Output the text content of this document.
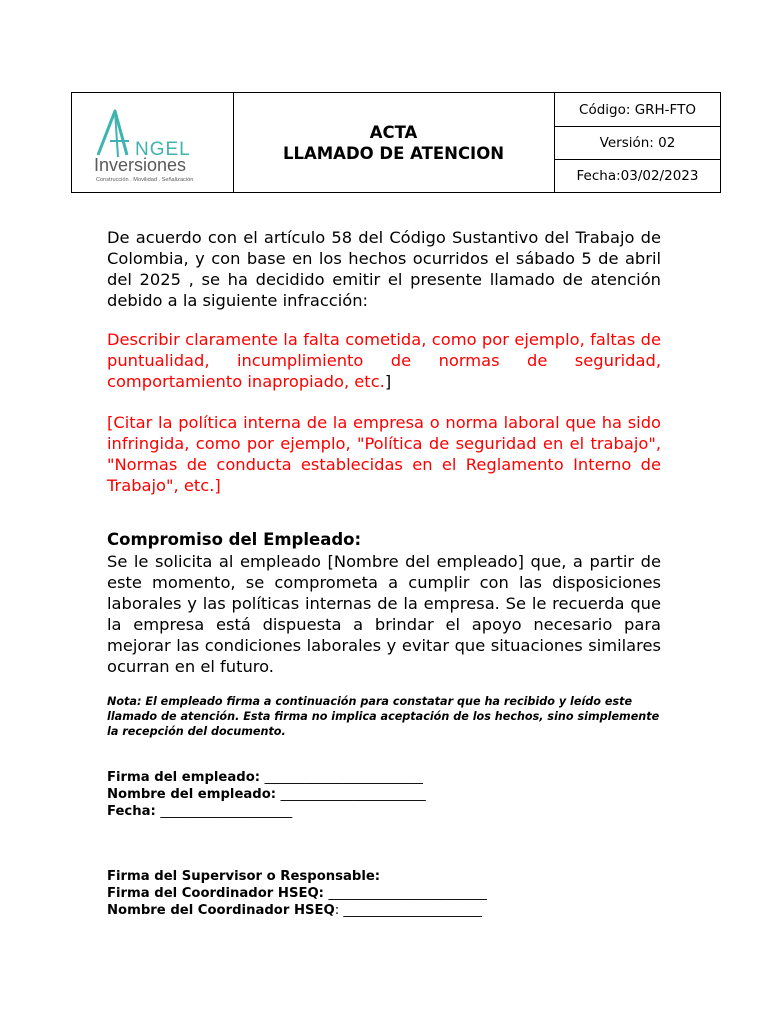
NGEL
Inversiones
Construcción . Movilidad . Señalización
ACTA
LLAMADO DE ATENCION
Código: GRH-FTO
Versión: 02
Fecha:03/02/2023

De acuerdo con el artículo 58 del Código Sustantivo del Trabajo de Colombia, y con base en los hechos ocurridos el sábado 5 de abril del 2025 , se ha decidido emitir el presente llamado de atención debido a la siguiente infracción:

Describir claramente la falta cometida, como por ejemplo, faltas de puntualidad, incumplimiento de normas de seguridad, comportamiento inapropiado, etc.]

[Citar la política interna de la empresa o norma laboral que ha sido infringida, como por ejemplo, "Política de seguridad en el trabajo", "Normas de conducta establecidas en el Reglamento Interno de Trabajo", etc.]

Compromiso del Empleado:

Se le solicita al empleado [Nombre del empleado] que, a partir de este momento, se comprometa a cumplir con las disposiciones laborales y las políticas internas de la empresa. Se le recuerda que la empresa está dispuesta a brindar el apoyo necesario para mejorar las condiciones laborales y evitar que situaciones similares ocurran en el futuro.

Nota: El empleado firma a continuación para constatar que ha recibido y leído este llamado de atención. Esta firma no implica aceptación de los hechos, sino simplemente la recepción del documento.

Firma del empleado: ________________________

Nombre del empleado: ______________________

Fecha: ____________________

Firma del Supervisor o Responsable:

Firma del Coordinador HSEQ: ________________________

Nombre del Coordinador HSEQ: _____________________
